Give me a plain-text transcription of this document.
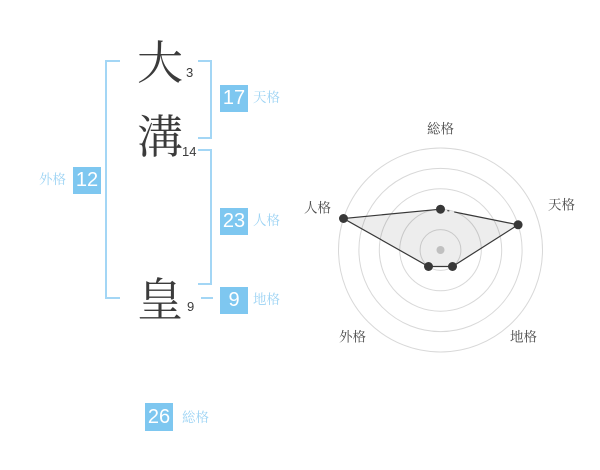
大 3
溝 14
皇 9
17 天格
23 人格
9 地格
12
外格
26 総格
総格
天格
地格
外格
人格
